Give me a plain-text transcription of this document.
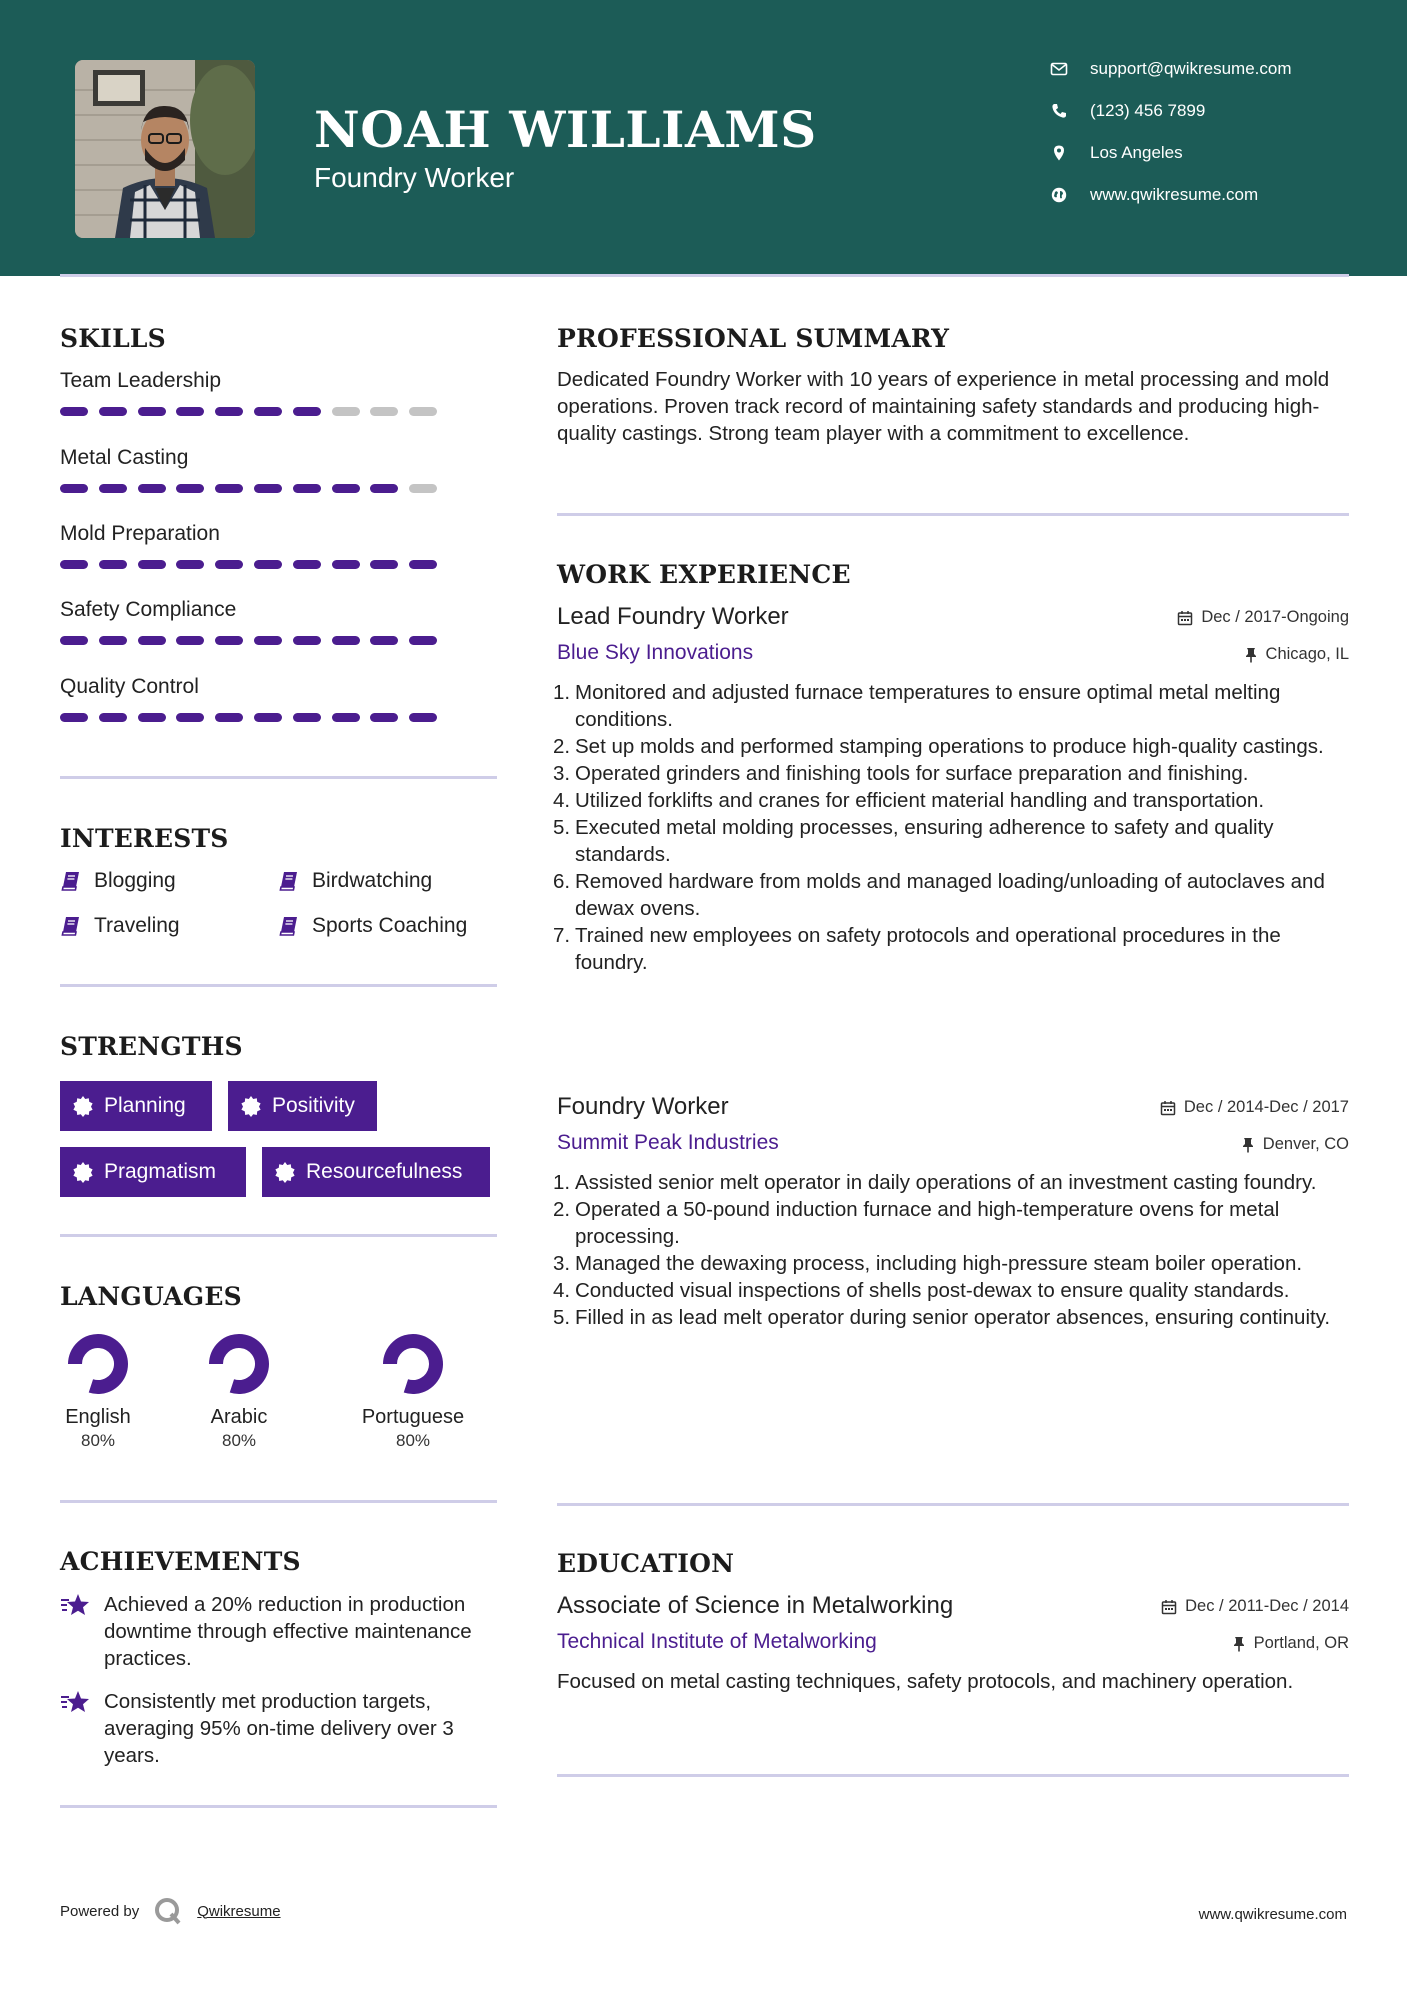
NOAH WILLIAMS
Foundry Worker
support@qwikresume.com
(123) 456 7899
Los Angeles
www.qwikresume.com
SKILLS
Team Leadership
Metal Casting
Mold Preparation
Safety Compliance
Quality Control
INTERESTS
Blogging	Birdwatching
Traveling	Sports Coaching
STRENGTHS
Planning	Positivity
Pragmatism	Resourcefulness
LANGUAGES
English
80%
Arabic
80%
Portuguese
80%
ACHIEVEMENTS
Achieved a 20% reduction in production downtime through effective maintenance practices.
Consistently met production targets, averaging 95% on-time delivery over 3 years.
PROFESSIONAL SUMMARY
Dedicated Foundry Worker with 10 years of experience in metal processing and mold operations. Proven track record of maintaining safety standards and producing high-quality castings. Strong team player with a commitment to excellence.
WORK EXPERIENCE
Lead Foundry Worker	Dec / 2017-Ongoing
Blue Sky Innovations	Chicago, IL
1. Monitored and adjusted furnace temperatures to ensure optimal metal melting conditions.
2. Set up molds and performed stamping operations to produce high-quality castings.
3. Operated grinders and finishing tools for surface preparation and finishing.
4. Utilized forklifts and cranes for efficient material handling and transportation.
5. Executed metal molding processes, ensuring adherence to safety and quality standards.
6. Removed hardware from molds and managed loading/unloading of autoclaves and dewax ovens.
7. Trained new employees on safety protocols and operational procedures in the foundry.
Foundry Worker	Dec / 2014-Dec / 2017
Summit Peak Industries	Denver, CO
1. Assisted senior melt operator in daily operations of an investment casting foundry.
2. Operated a 50-pound induction furnace and high-temperature ovens for metal processing.
3. Managed the dewaxing process, including high-pressure steam boiler operation.
4. Conducted visual inspections of shells post-dewax to ensure quality standards.
5. Filled in as lead melt operator during senior operator absences, ensuring continuity.
EDUCATION
Associate of Science in Metalworking	Dec / 2011-Dec / 2014
Technical Institute of Metalworking	Portland, OR
Focused on metal casting techniques, safety protocols, and machinery operation.
Powered by	Qwikresume	www.qwikresume.com
